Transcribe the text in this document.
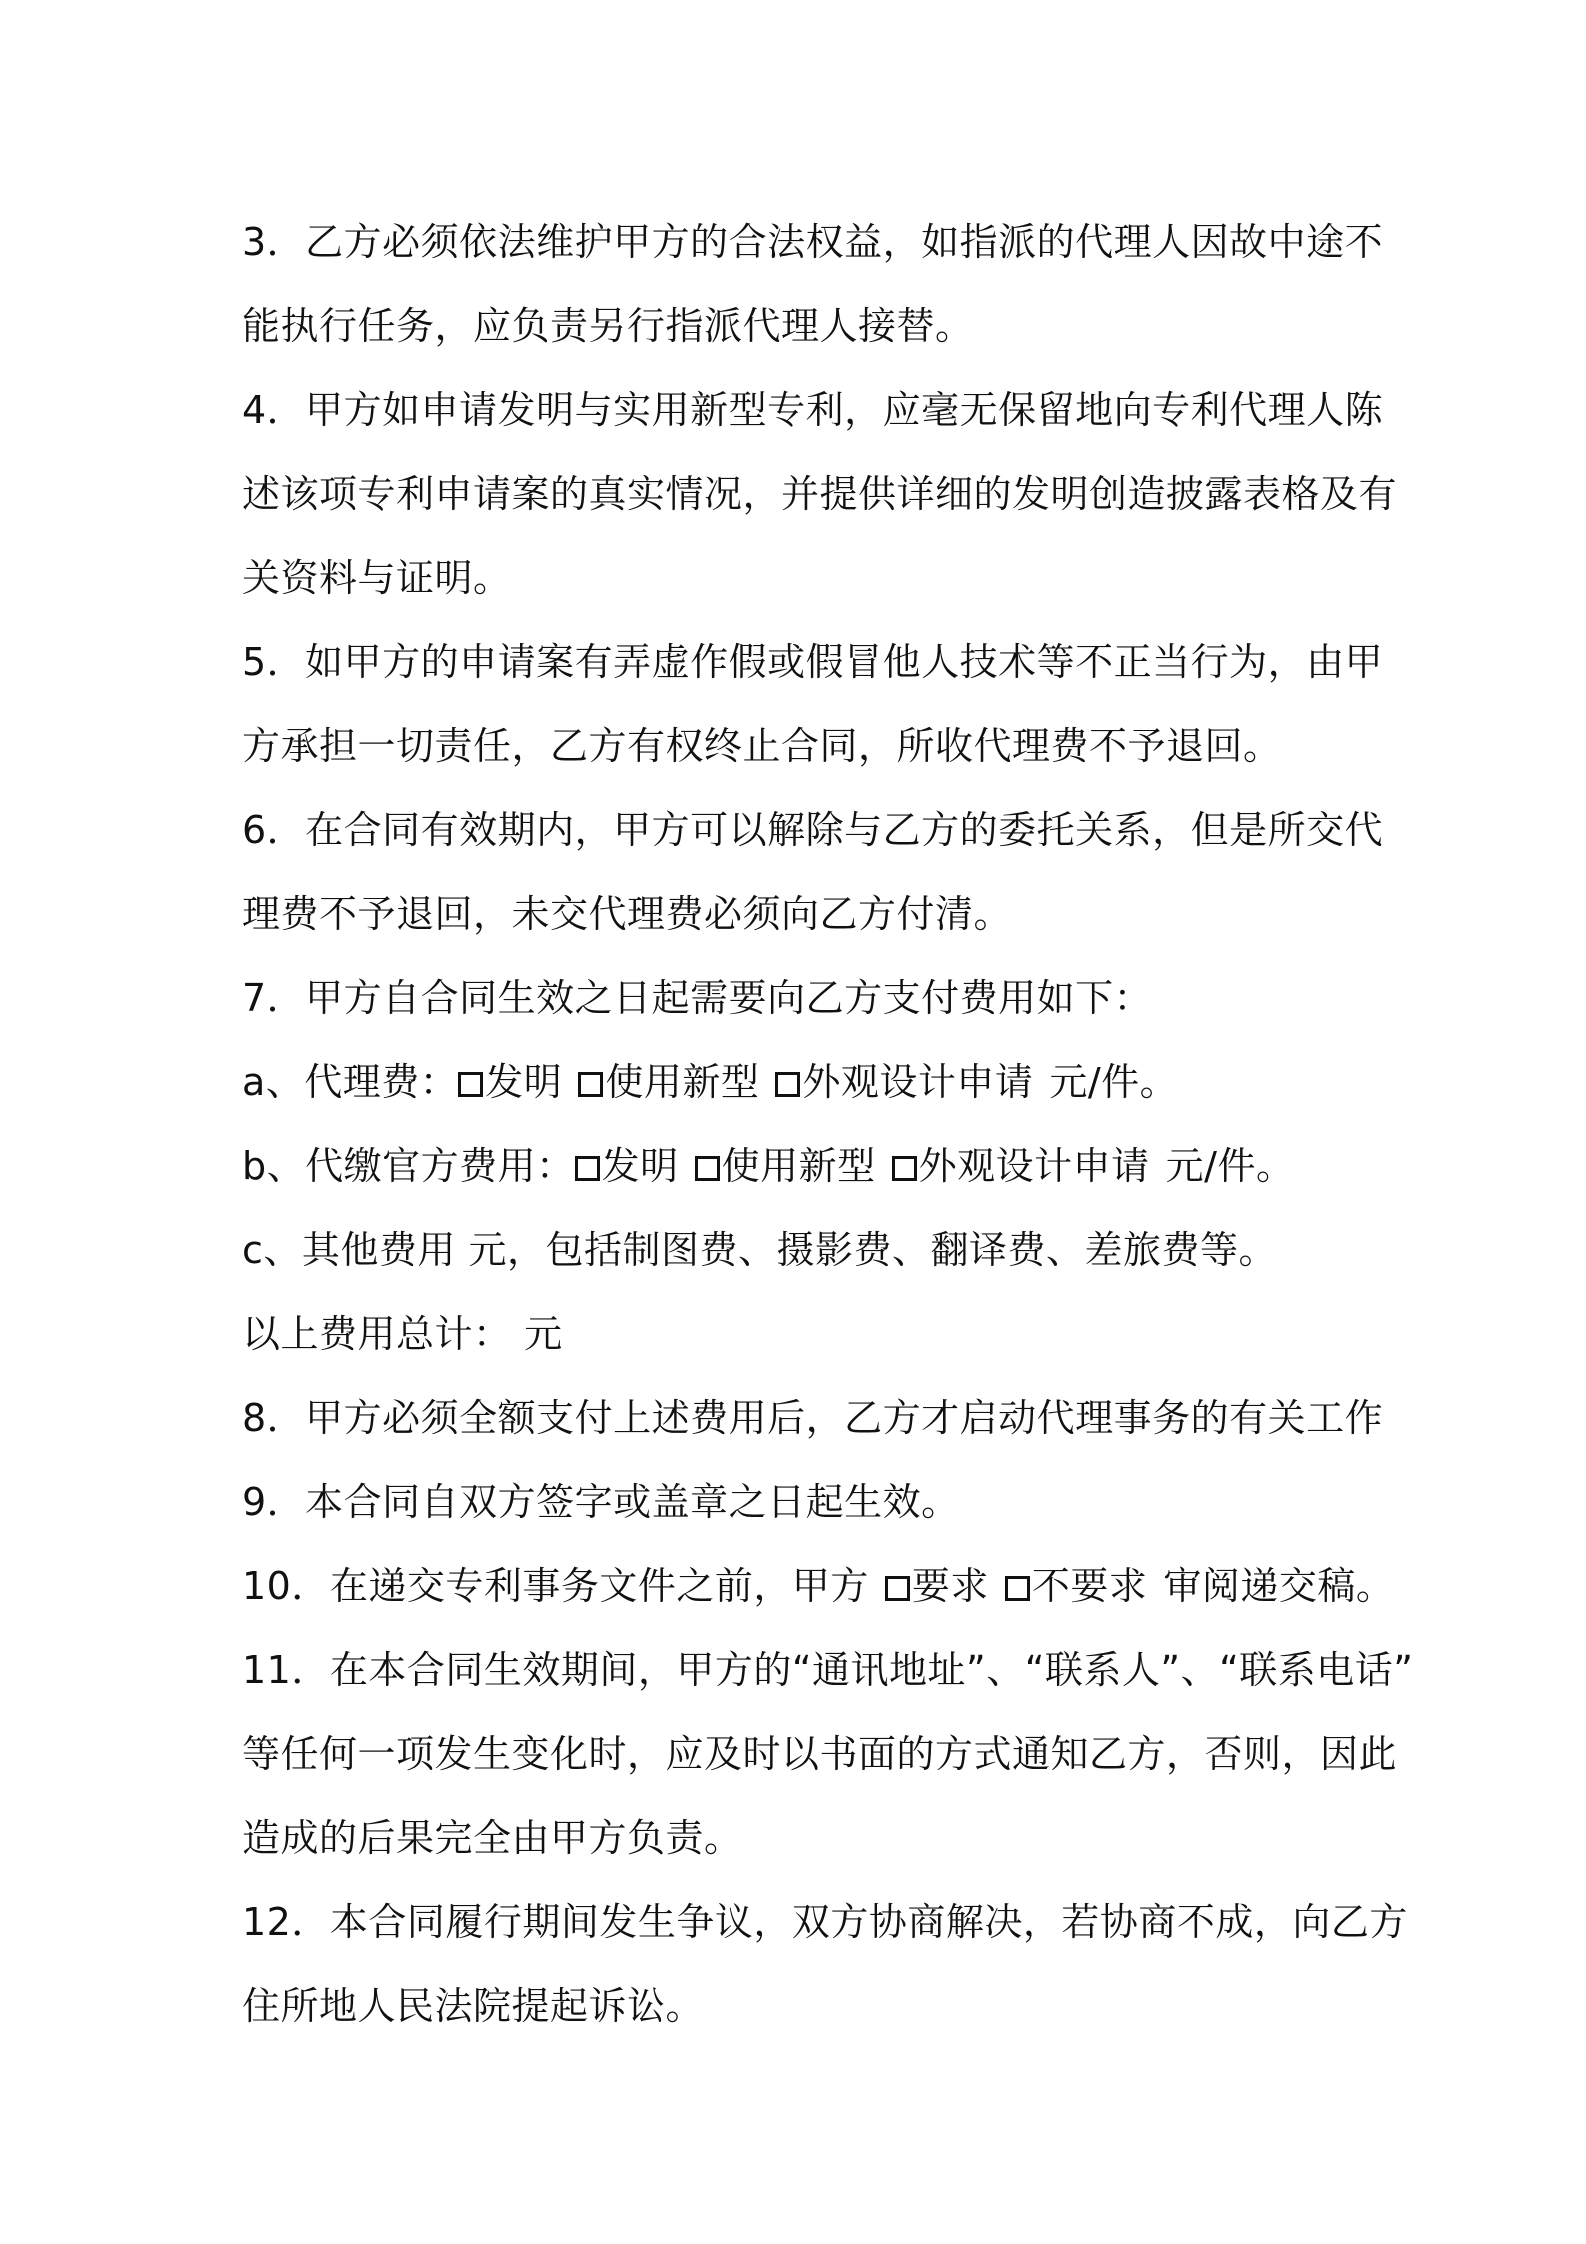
3．乙方必须依法维护甲方的合法权益，如指派的代理人因故中途不
能执行任务，应负责另行指派代理人接替。
4．甲方如申请发明与实用新型专利，应毫无保留地向专利代理人陈
述该项专利申请案的真实情况，并提供详细的发明创造披露表格及有
关资料与证明。
5．如甲方的申请案有弄虚作假或假冒他人技术等不正当行为，由甲
方承担一切责任，乙方有权终止合同，所收代理费不予退回。
6．在合同有效期内，甲方可以解除与乙方的委托关系，但是所交代
理费不予退回，未交代理费必须向乙方付清。
7．甲方自合同生效之日起需要向乙方支付费用如下：
a、代理费： 发明 使用新型 外观设计申请 元/件。
b、代缴官方费用： 发明 使用新型 外观设计申请 元/件。
c、其他费用 元，包括制图费、摄影费、翻译费、差旅费等。
以上费用总计： 元
8．甲方必须全额支付上述费用后，乙方才启动代理事务的有关工作
9．本合同自双方签字或盖章之日起生效。
10．在递交专利事务文件之前，甲方 要求 不要求 审阅递交稿。
11．在本合同生效期间，甲方的“通讯地址”、“联系人”、“联系电话”
等任何一项发生变化时，应及时以书面的方式通知乙方，否则，因此
造成的后果完全由甲方负责。
12．本合同履行期间发生争议，双方协商解决，若协商不成，向乙方
住所地人民法院提起诉讼。
